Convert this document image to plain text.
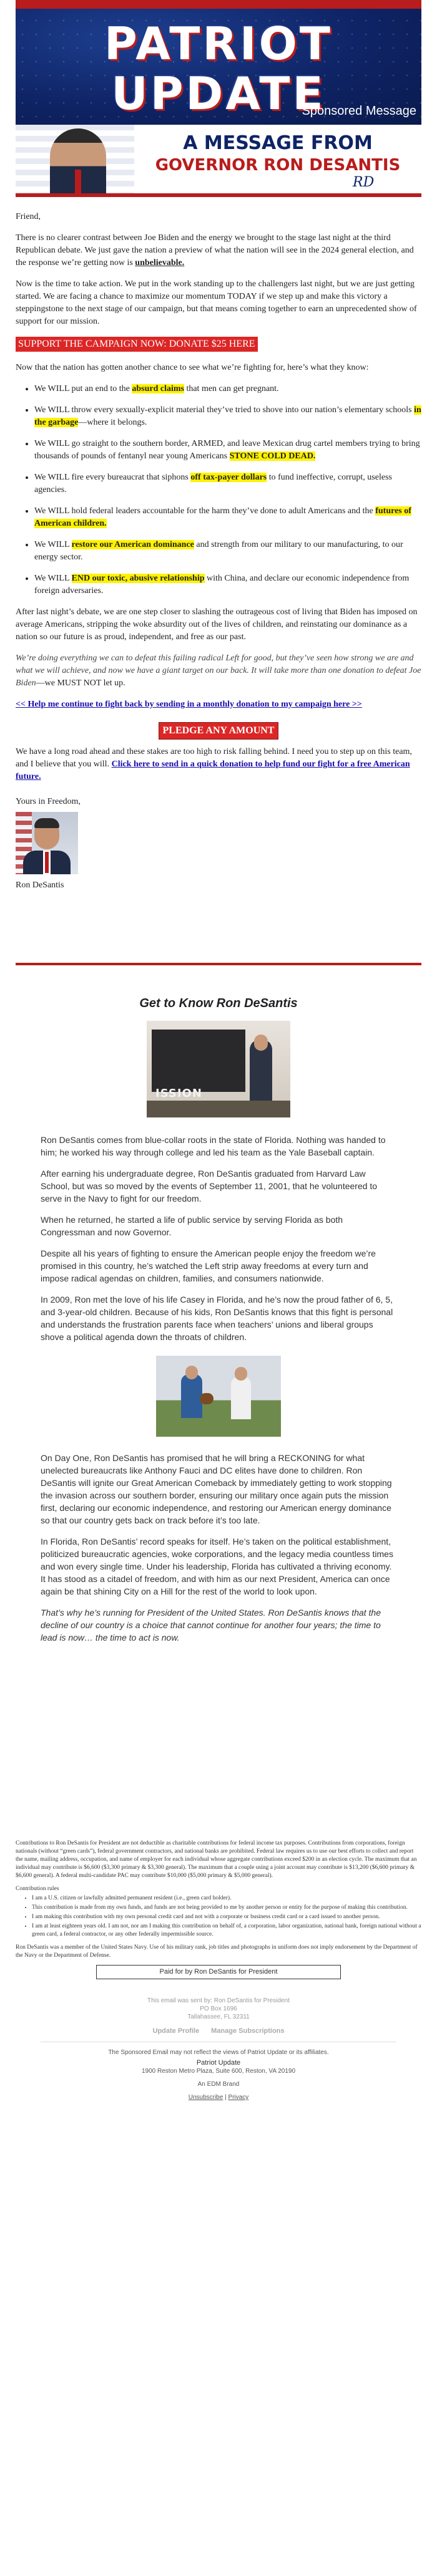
PATRIOT
UPDATE
Sponsored Message
A MESSAGE FROM
GOVERNOR RON DESANTIS
RD

Friend,

There is no clearer contrast between Joe Biden and the energy we brought to the stage last night at the third Republican debate. We just gave the nation a preview of what the nation will see in the 2024 general election, and the response we’re getting now is unbelievable.

Now is the time to take action. We put in the work standing up to the challengers last night, but we are just getting started. We are facing a chance to maximize our momentum TODAY if we step up and make this victory a steppingstone to the next stage of our campaign, but that means coming together to earn an unprecedented show of support for our mission.

SUPPORT THE CAMPAIGN NOW: DONATE $25 HERE

Now that the nation has gotten another chance to see what we’re fighting for, here’s what they know:

• We WILL put an end to the absurd claims that men can get pregnant.
• We WILL throw every sexually-explicit material they’ve tried to shove into our nation’s elementary schools in the garbage—where it belongs.
• We WILL go straight to the southern border, ARMED, and leave Mexican drug cartel members trying to bring thousands of pounds of fentanyl near young Americans STONE COLD DEAD.
• We WILL fire every bureaucrat that siphons off tax-payer dollars to fund ineffective, corrupt, useless agencies.
• We WILL hold federal leaders accountable for the harm they’ve done to adult Americans and the futures of American children.
• We WILL restore our American dominance and strength from our military to our manufacturing, to our energy sector.
• We WILL END our toxic, abusive relationship with China, and declare our economic independence from foreign adversaries.

After last night’s debate, we are one step closer to slashing the outrageous cost of living that Biden has imposed on average Americans, stripping the woke absurdity out of the lives of children, and reinstating our dominance as a nation so our future is as proud, independent, and free as our past.

We’re doing everything we can to defeat this failing radical Left for good, but they’ve seen how strong we are and what we will achieve, and now we have a giant target on our back. It will take more than one donation to defeat Joe Biden—we MUST NOT let up.

<< Help me continue to fight back by sending in a monthly donation to my campaign here >>

PLEDGE ANY AMOUNT

We have a long road ahead and these stakes are too high to risk falling behind. I need you to step up on this team, and I believe that you will. Click here to send in a quick donation to help fund our fight for a free American future.

Yours in Freedom,

Ron DeSantis

Get to Know Ron DeSantis
ISSION

Ron DeSantis comes from blue-collar roots in the state of Florida. Nothing was handed to him; he worked his way through college and led his team as the Yale Baseball captain.

After earning his undergraduate degree, Ron DeSantis graduated from Harvard Law School, but was so moved by the events of September 11, 2001, that he volunteered to serve in the Navy to fight for our freedom.

When he returned, he started a life of public service by serving Florida as both Congressman and now Governor.

Despite all his years of fighting to ensure the American people enjoy the freedom we’re promised in this country, he’s watched the Left strip away freedoms at every turn and impose radical agendas on children, families, and consumers nationwide.

In 2009, Ron met the love of his life Casey in Florida, and he’s now the proud father of 6, 5, and 3-year-old children. Because of his kids, Ron DeSantis knows that this fight is personal and understands the frustration parents face when teachers’ unions and liberal groups shove a political agenda down the throats of children.

On Day One, Ron DeSantis has promised that he will bring a RECKONING for what unelected bureaucrats like Anthony Fauci and DC elites have done to children. Ron DeSantis will ignite our Great American Comeback by immediately getting to work stopping the invasion across our southern border, ensuring our military once again puts the mission first, declaring our economic independence, and restoring our American energy dominance so that our country gets back on track before it’s too late.

In Florida, Ron DeSantis’ record speaks for itself. He’s taken on the political establishment, politicized bureaucratic agencies, woke corporations, and the legacy media countless times and won every single time. Under his leadership, Florida has cultivated a thriving economy. It has stood as a citadel of freedom, and with him as our next President, America can once again be that shining City on a Hill for the rest of the world to look upon.

That’s why he’s running for President of the United States. Ron DeSantis knows that the decline of our country is a choice that cannot continue for another four years; the time to lead is now… the time to act is now.

Contributions to Ron DeSantis for President are not deductible as charitable contributions for federal income tax purposes. Contributions from corporations, foreign nationals (without “green cards”), federal government contractors, and national banks are prohibited. Federal law requires us to use our best efforts to collect and report the name, mailing address, occupation, and name of employer for each individual whose aggregate contributions exceed $200 in an election cycle. The maximum that an individual may contribute is $6,600 ($3,300 primary & $3,300 general). The maximum that a couple using a joint account may contribute is $13,200 ($6,600 primary & $6,600 general). A federal multi-candidate PAC may contribute $10,000 ($5,000 primary & $5,000 general).

Contribution rules

• I am a U.S. citizen or lawfully admitted permanent resident (i.e., green card holder).
• This contribution is made from my own funds, and funds are not being provided to me by another person or entity for the purpose of making this contribution.
• I am making this contribution with my own personal credit card and not with a corporate or business credit card or a card issued to another person.
• I am at least eighteen years old. I am not, nor am I making this contribution on behalf of, a corporation, labor organization, national bank, foreign national without a green card, a federal contractor, or any other federally impermissible source.

Ron DeSantis was a member of the United States Navy. Use of his military rank, job titles and photographs in uniform does not imply endorsement by the Department of the Navy or the Department of Defense.

Paid for by Ron DeSantis for President
This email was sent by: Ron DeSantis for President
PO Box 1696
Tallahassee, FL 32311
Update Profile Manage Subscriptions
The Sponsored Email may not reflect the views of Patriot Update or its affiliates.
Patriot Update
1900 Reston Metro Plaza, Suite 600, Reston, VA 20190
An EDM Brand
Unsubscribe | Privacy
